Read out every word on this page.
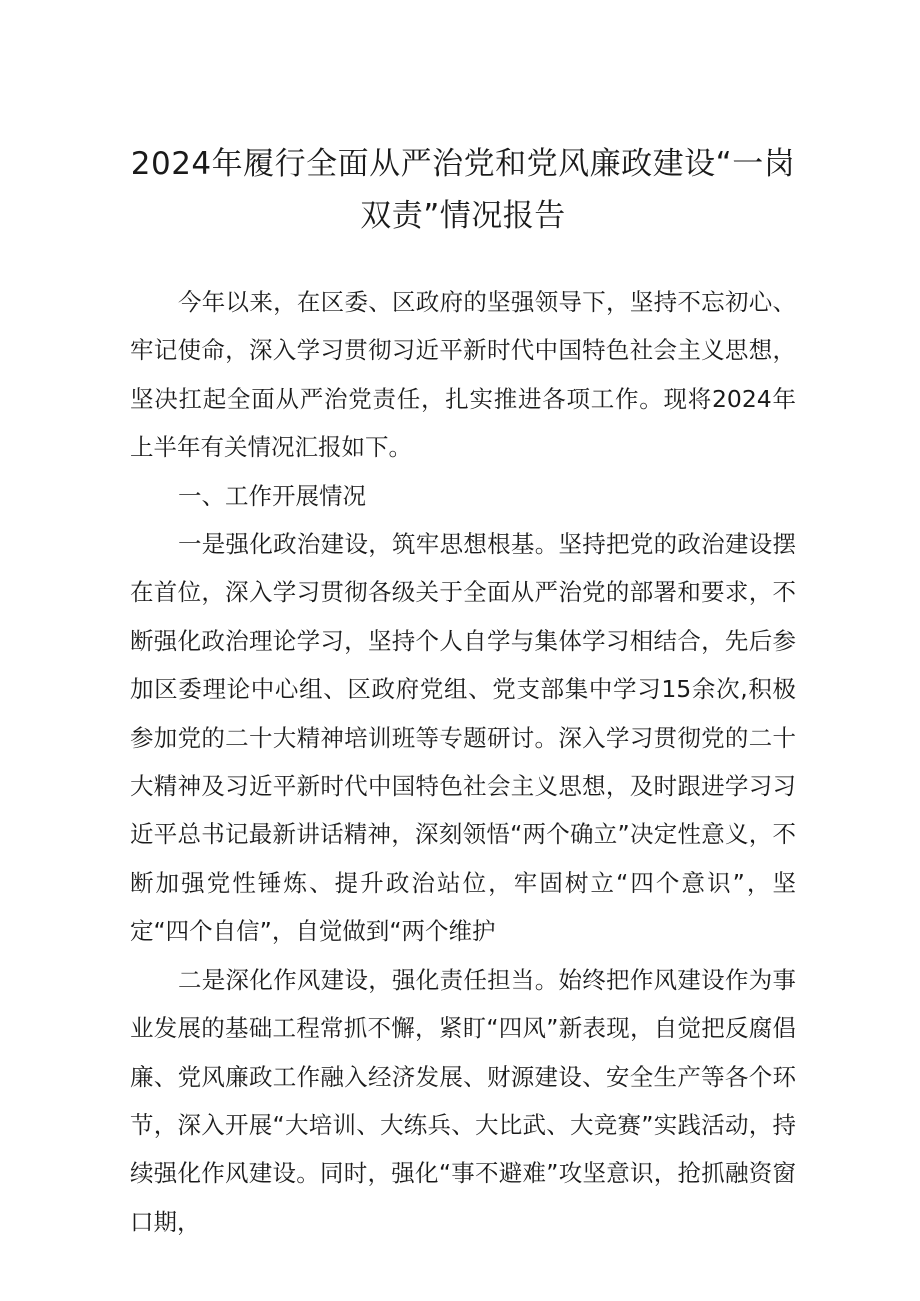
2024年履行全面从严治党和党风廉政建设“一岗双责”情况报告

今年以来，在区委、区政府的坚强领导下，坚持不忘初心、牢记使命，深入学习贯彻习近平新时代中国特色社会主义思想，坚决扛起全面从严治党责任，扎实推进各项工作。现将2024年上半年有关情况汇报如下。

一、工作开展情况

一是强化政治建设，筑牢思想根基。坚持把党的政治建设摆在首位，深入学习贯彻各级关于全面从严治党的部署和要求，不断强化政治理论学习，坚持个人自学与集体学习相结合，先后参加区委理论中心组、区政府党组、党支部集中学习15余次,积极参加党的二十大精神培训班等专题研讨。深入学习贯彻党的二十大精神及习近平新时代中国特色社会主义思想，及时跟进学习习近平总书记最新讲话精神，深刻领悟“两个确立”决定性意义，不断加强党性锤炼、提升政治站位，牢固树立“四个意识”，坚定“四个自信”，自觉做到“两个维护

二是深化作风建设，强化责任担当。始终把作风建设作为事业发展的基础工程常抓不懈，紧盯“四风”新表现，自觉把反腐倡廉、党风廉政工作融入经济发展、财源建设、安全生产等各个环节，深入开展“大培训、大练兵、大比武、大竞赛”实践活动，持续强化作风建设。同时，强化“事不避难”攻坚意识，抢抓融资窗口期，
